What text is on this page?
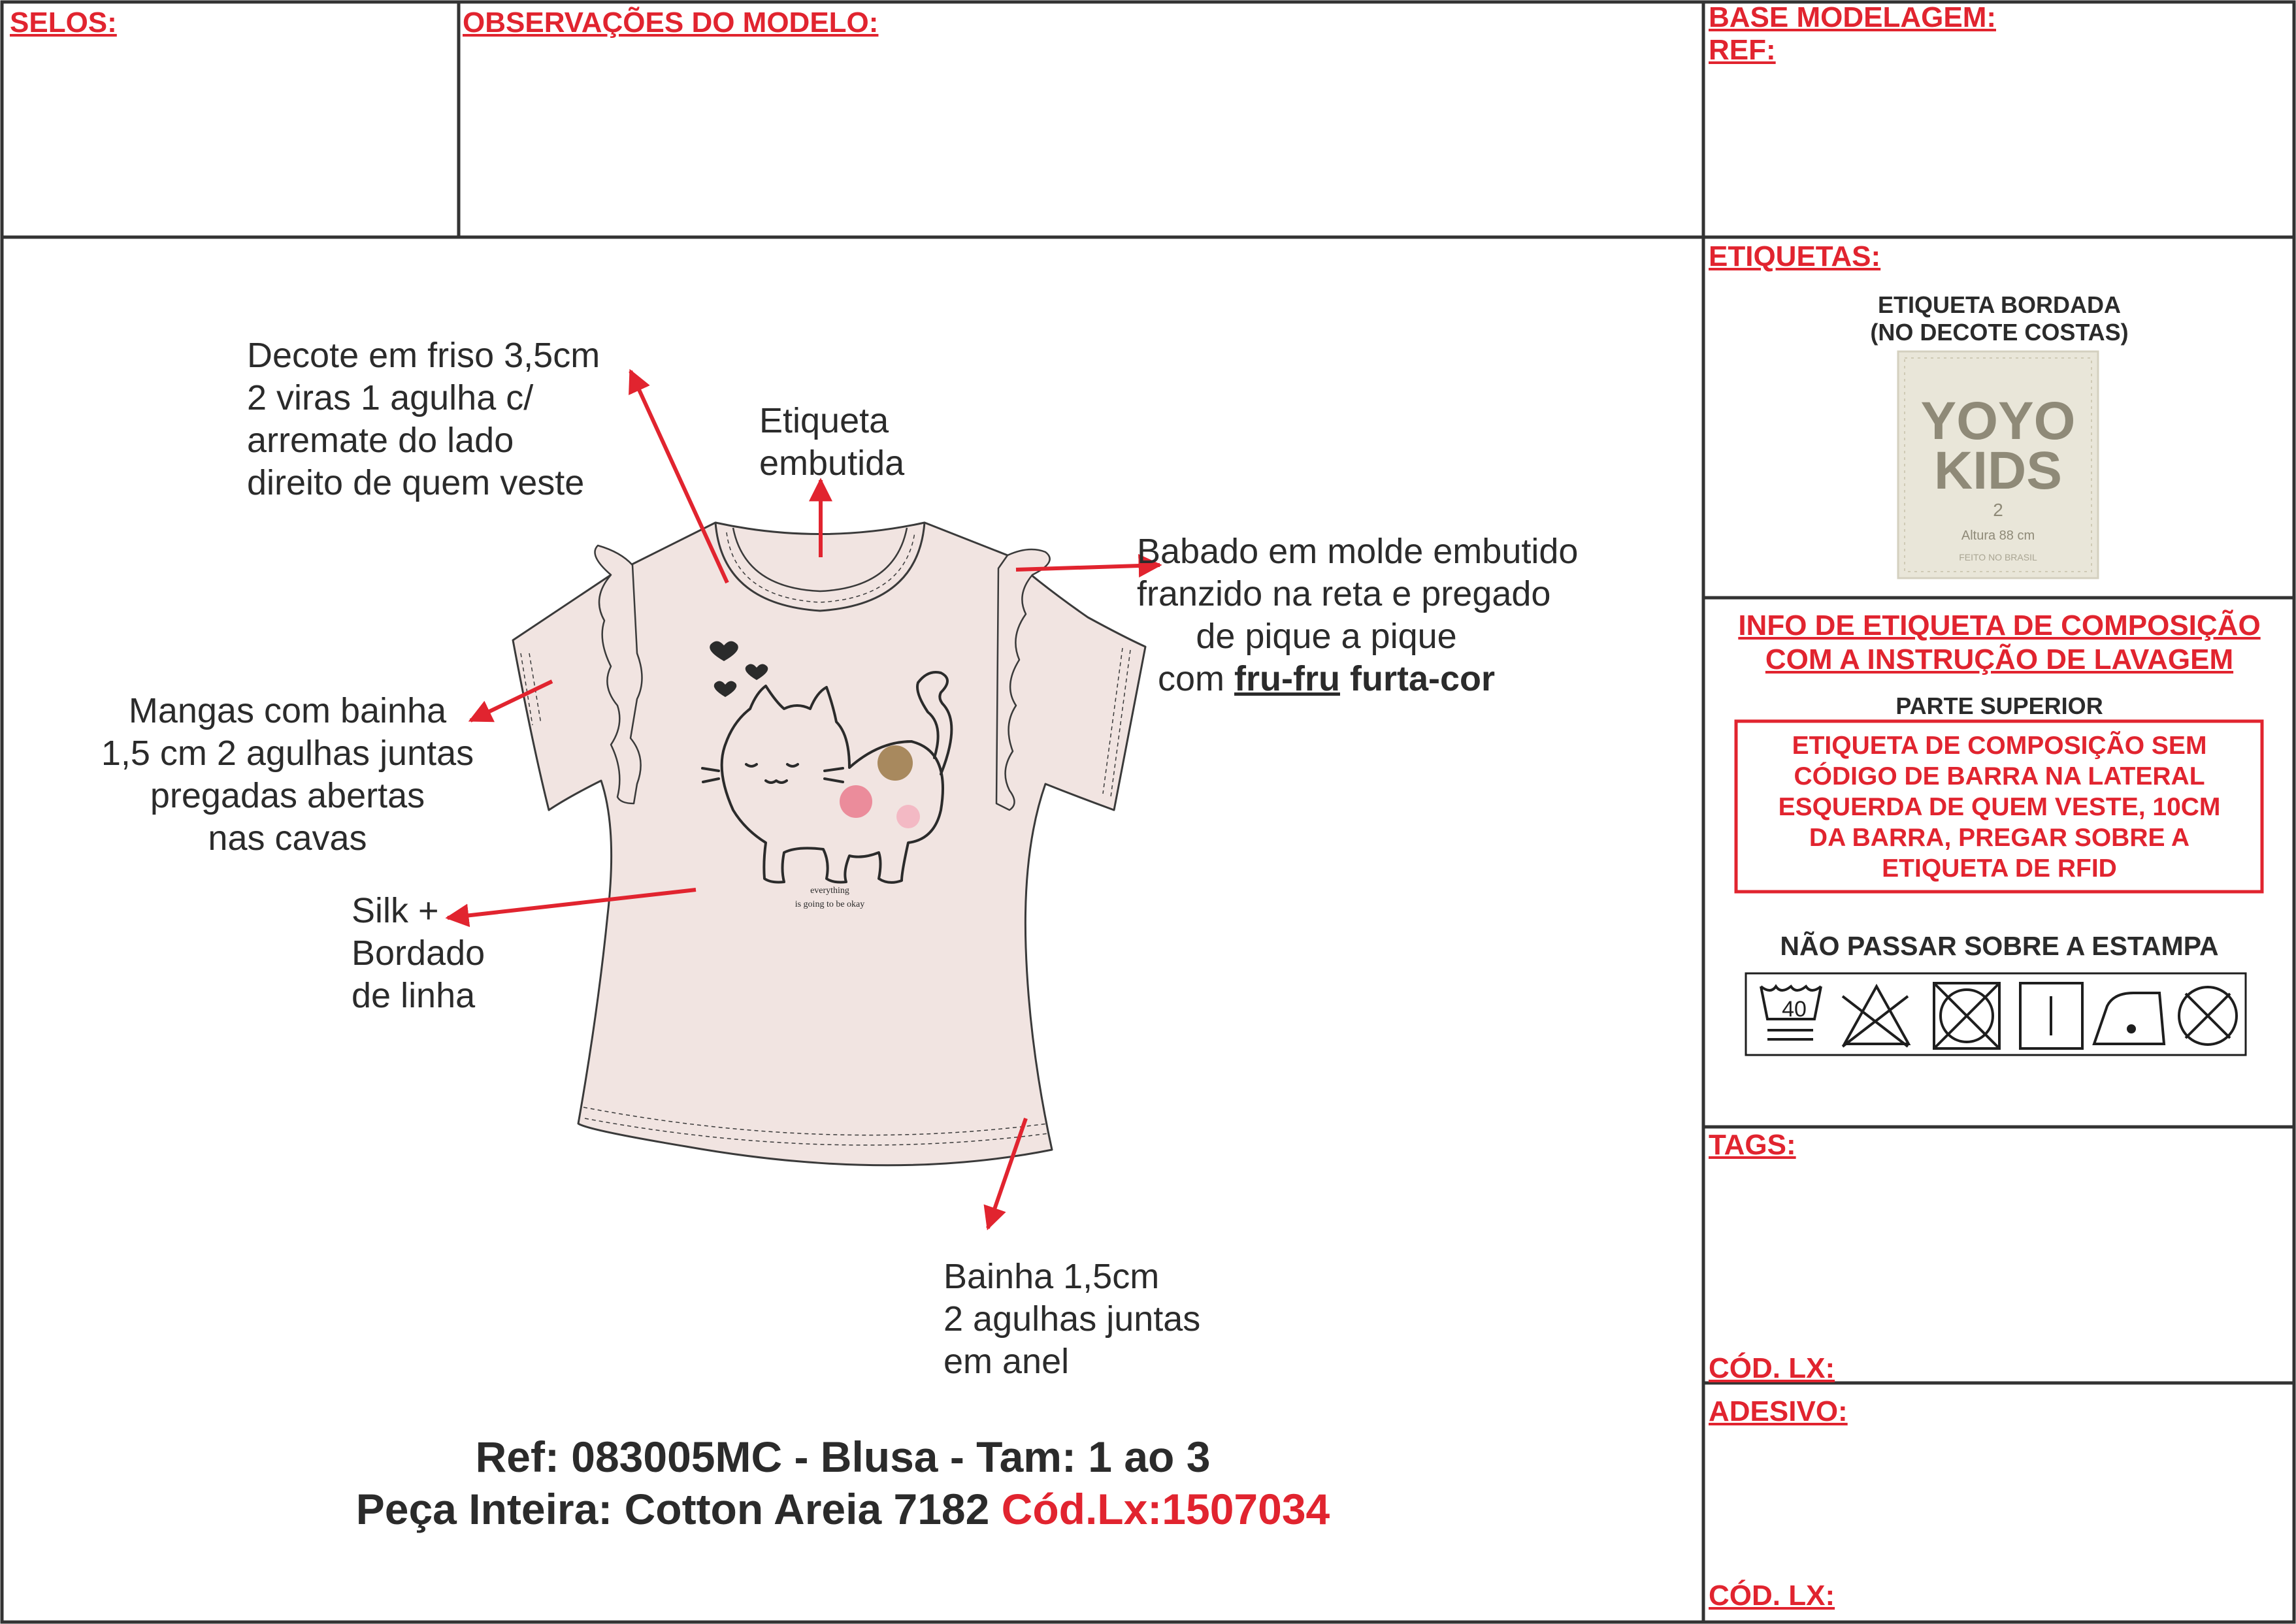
everything
is going to be okay
YOYO
KIDS
2
Altura 88 cm
FEITO NO BRASIL
40

SELOS:	OBSERVAÇÕES DO MODELO:	BASE MODELAGEM:

REF:

ETIQUETAS:

TAGS:

CÓD. LX:

ADESIVO:

CÓD. LX:

Decote em friso 3,5cm
2 viras 1 agulha c/
arremate do lado
direito de quem veste
Etiqueta
embutida
Babado em molde embutido
franzido na reta e pregado
de pique a pique
com fru-fru furta-cor
Mangas com bainha
1,5 cm 2 agulhas juntas
pregadas abertas
nas cavas
Silk +
Bordado
de linha
Bainha 1,5cm
2 agulhas juntas
em anel
Ref: 083005MC - Blusa - Tam: 1 ao 3
Peça Inteira: Cotton Areia 7182 Cód.Lx:1507034
ETIQUETA BORDADA
(NO DECOTE COSTAS)
INFO DE ETIQUETA DE COMPOSIÇÃO
COM A INSTRUÇÃO DE LAVAGEM
PARTE SUPERIOR
ETIQUETA DE COMPOSIÇÃO SEM
CÓDIGO DE BARRA NA LATERAL
ESQUERDA DE QUEM VESTE, 10CM
DA BARRA, PREGAR SOBRE A
ETIQUETA DE RFID
NÃO PASSAR SOBRE A ESTAMPA
